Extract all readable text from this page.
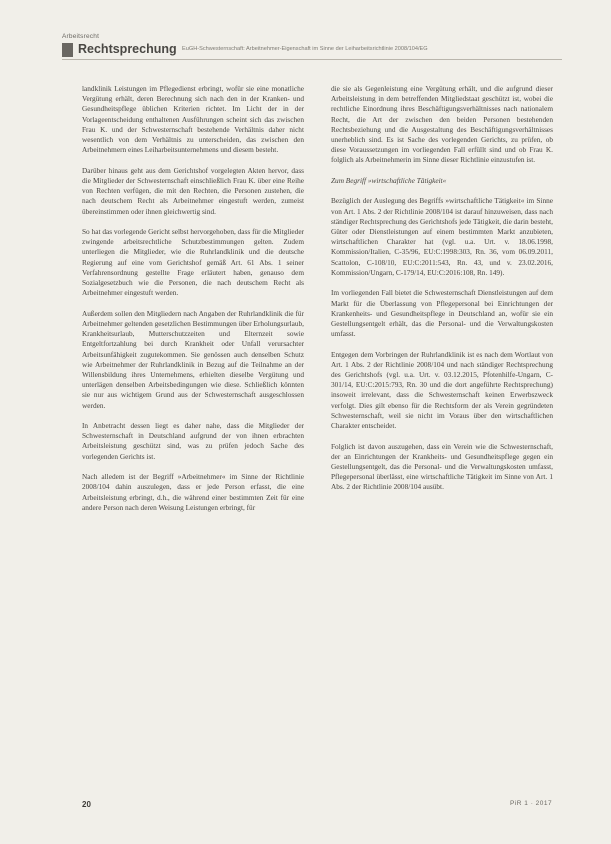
Arbeitsrecht
Rechtsprechung EuGH-Schwesternschaft: Arbeitnehmer-Eigenschaft im Sinne der Leiharbeitsrichtlinie 2008/104/EG

landklinik Leistungen im Pflegedienst erbringt, wofür sie eine monatliche Vergütung erhält, deren Berechnung sich nach den in der Kranken- und Gesundheitspflege üblichen Kriterien richtet. Im Licht der in der Vorlageentscheidung enthaltenen Ausführungen scheint sich das zwischen Frau K. und der Schwesternschaft bestehende Verhältnis daher nicht wesentlich von dem Verhältnis zu unterscheiden, das zwischen den Arbeitnehmern eines Leiharbeitsunternehmens und diesem besteht.

Darüber hinaus geht aus dem Gerichtshof vorgelegten Akten hervor, dass die Mitglieder der Schwesternschaft einschließlich Frau K. über eine Reihe von Rechten verfügen, die mit den Rechten, die Personen zustehen, die nach deutschem Recht als Arbeitnehmer eingestuft werden, zumeist übereinstimmen oder ihnen gleichwertig sind.

So hat das vorlegende Gericht selbst hervorgehoben, dass für die Mitglieder zwingende arbeitsrechtliche Schutzbestimmungen gelten. Zudem unterliegen die Mitglieder, wie die Ruhrlandklinik und die deutsche Regierung auf eine vom Gerichtshof gemäß Art. 61 Abs. 1 seiner Verfahrensordnung gestellte Frage erläutert haben, genauso dem Sozialgesetzbuch wie die Personen, die nach deutschem Recht als Arbeitnehmer eingestuft werden.

Außerdem sollen den Mitgliedern nach Angaben der Ruhrlandklinik die für Arbeitnehmer geltenden gesetzlichen Bestimmungen über Erholungsurlaub, Krankheitsurlaub, Mutterschutzzeiten und Elternzeit sowie Entgeltfortzahlung bei durch Krankheit oder Unfall verursachter Arbeitsunfähigkeit zugutekommen. Sie genössen auch denselben Schutz wie Arbeitnehmer der Ruhrlandklinik in Bezug auf die Teilnahme an der Willensbildung ihres Unternehmens, erhielten dieselbe Vergütung und unterlägen denselben Arbeitsbedingungen wie diese. Schließlich könnten sie nur aus wichtigem Grund aus der Schwesternschaft ausgeschlossen werden.

In Anbetracht dessen liegt es daher nahe, dass die Mitglieder der Schwesternschaft in Deutschland aufgrund der von ihnen erbrachten Arbeitsleistung geschützt sind, was zu prüfen jedoch Sache des vorlegenden Gerichts ist.

Nach alledem ist der Begriff »Arbeitnehmer« im Sinne der Richtlinie 2008/104 dahin auszulegen, dass er jede Person erfasst, die eine Arbeitsleistung erbringt, d.h., die während einer bestimmten Zeit für eine andere Person nach deren Weisung Leistungen erbringt, für

die sie als Gegenleistung eine Vergütung erhält, und die aufgrund dieser Arbeitsleistung in dem betreffenden Mitgliedstaat geschützt ist, wobei die rechtliche Einordnung ihres Beschäftigungsverhältnisses nach nationalem Recht, die Art der zwischen den beiden Personen bestehenden Rechtsbeziehung und die Ausgestaltung des Beschäftigungsverhältnisses unerheblich sind. Es ist Sache des vorlegenden Gerichts, zu prüfen, ob diese Voraussetzungen im vorliegenden Fall erfüllt sind und ob Frau K. folglich als Arbeitnehmerin im Sinne dieser Richtlinie einzustufen ist.

Zum Begriff »wirtschaftliche Tätigkeit«

Bezüglich der Auslegung des Begriffs »wirtschaftliche Tätigkeit« im Sinne von Art. 1 Abs. 2 der Richtlinie 2008/104 ist darauf hinzuweisen, dass nach ständiger Rechtsprechung des Gerichtshofs jede Tätigkeit, die darin besteht, Güter oder Dienstleistungen auf einem bestimmten Markt anzubieten, wirtschaftlichen Charakter hat (vgl. u.a. Urt. v. 18.06.1998, Kommission/Italien, C-35/96, EU:C:1998:303, Rn. 36, vom 06.09.2011, Scattolon, C-108/10, EU:C:2011:543, Rn. 43, und v. 23.02.2016, Kommission/Ungarn, C-179/14, EU:C:2016:108, Rn. 149).

Im vorliegenden Fall bietet die Schwesternschaft Dienstleistungen auf dem Markt für die Überlassung von Pflegepersonal bei Einrichtungen der Krankenheits- und Gesundheitspflege in Deutschland an, wofür sie ein Gestellungsentgelt erhält, das die Personal- und die Verwaltungskosten umfasst.

Entgegen dem Vorbringen der Ruhrlandklinik ist es nach dem Wortlaut von Art. 1 Abs. 2 der Richtlinie 2008/104 und nach ständiger Rechtsprechung des Gerichtshofs (vgl. u.a. Urt. v. 03.12.2015, Pfotenhilfe-Ungarn, C-301/14, EU:C:2015:793, Rn. 30 und die dort angeführte Rechtsprechung) insoweit irrelevant, dass die Schwesternschaft keinen Erwerbszweck verfolgt. Dies gilt ebenso für die Rechtsform der als Verein gegründeten Schwesternschaft, weil sie nicht im Voraus über den wirtschaftlichen Charakter entscheidet.

Folglich ist davon auszugehen, dass ein Verein wie die Schwesternschaft, der an Einrichtungen der Krankheits- und Gesundheitspflege gegen ein Gestellungsentgelt, das die Personal- und die Verwaltungskosten umfasst, Pflegepersonal überlässt, eine wirtschaftliche Tätigkeit im Sinne von Art. 1 Abs. 2 der Richtlinie 2008/104 ausübt.

20	PiR 1 · 2017
